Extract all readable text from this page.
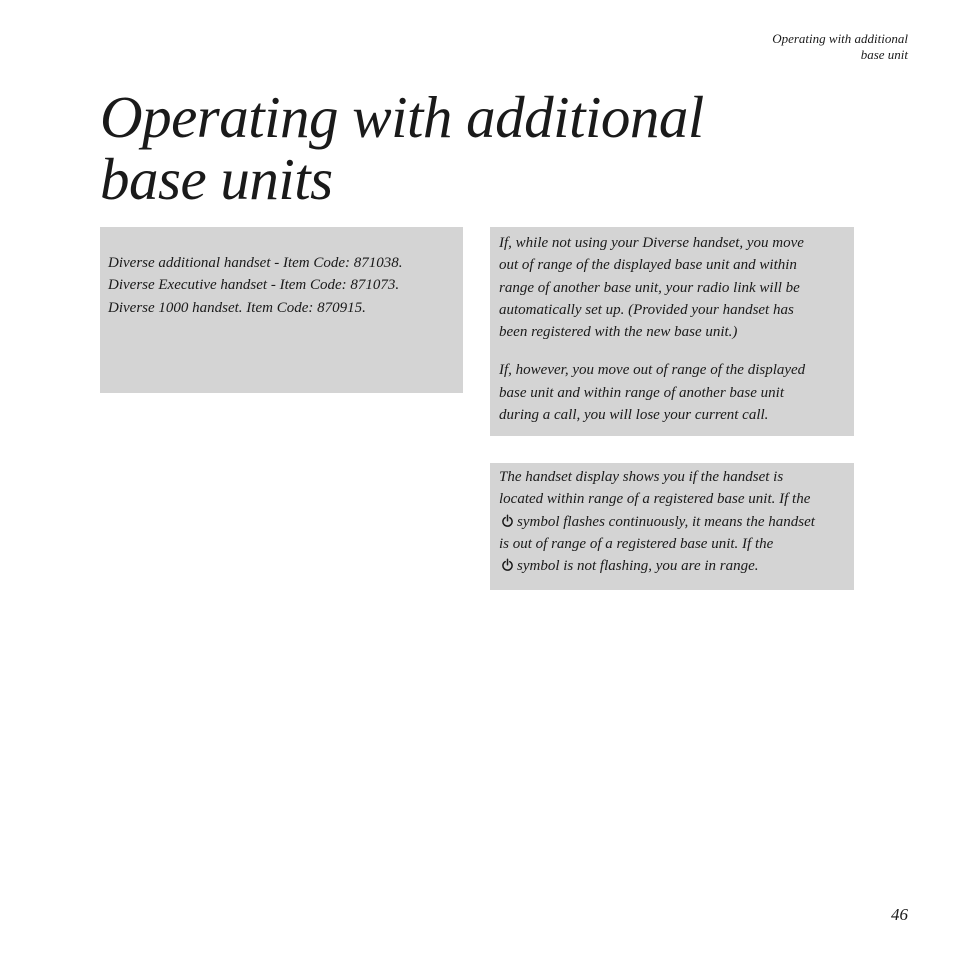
Operating with additional
base unit
Operating with additional
base units

Diverse additional handset - Item Code: 871038.
Diverse Executive handset - Item Code: 871073.
Diverse 1000 handset. Item Code: 870915.

If, while not using your Diverse handset, you move
out of range of the displayed base unit and within
range of another base unit, your radio link will be
automatically set up. (Provided your handset has
been registered with the new base unit.)

If, however, you move out of range of the displayed
base unit and within range of another base unit
during a call, you will lose your current call.

The handset display shows you if the handset is
located within range of a registered base unit. If the
symbol flashes continuously, it means the handset
is out of range of a registered base unit. If the
symbol is not flashing, you are in range.

46
